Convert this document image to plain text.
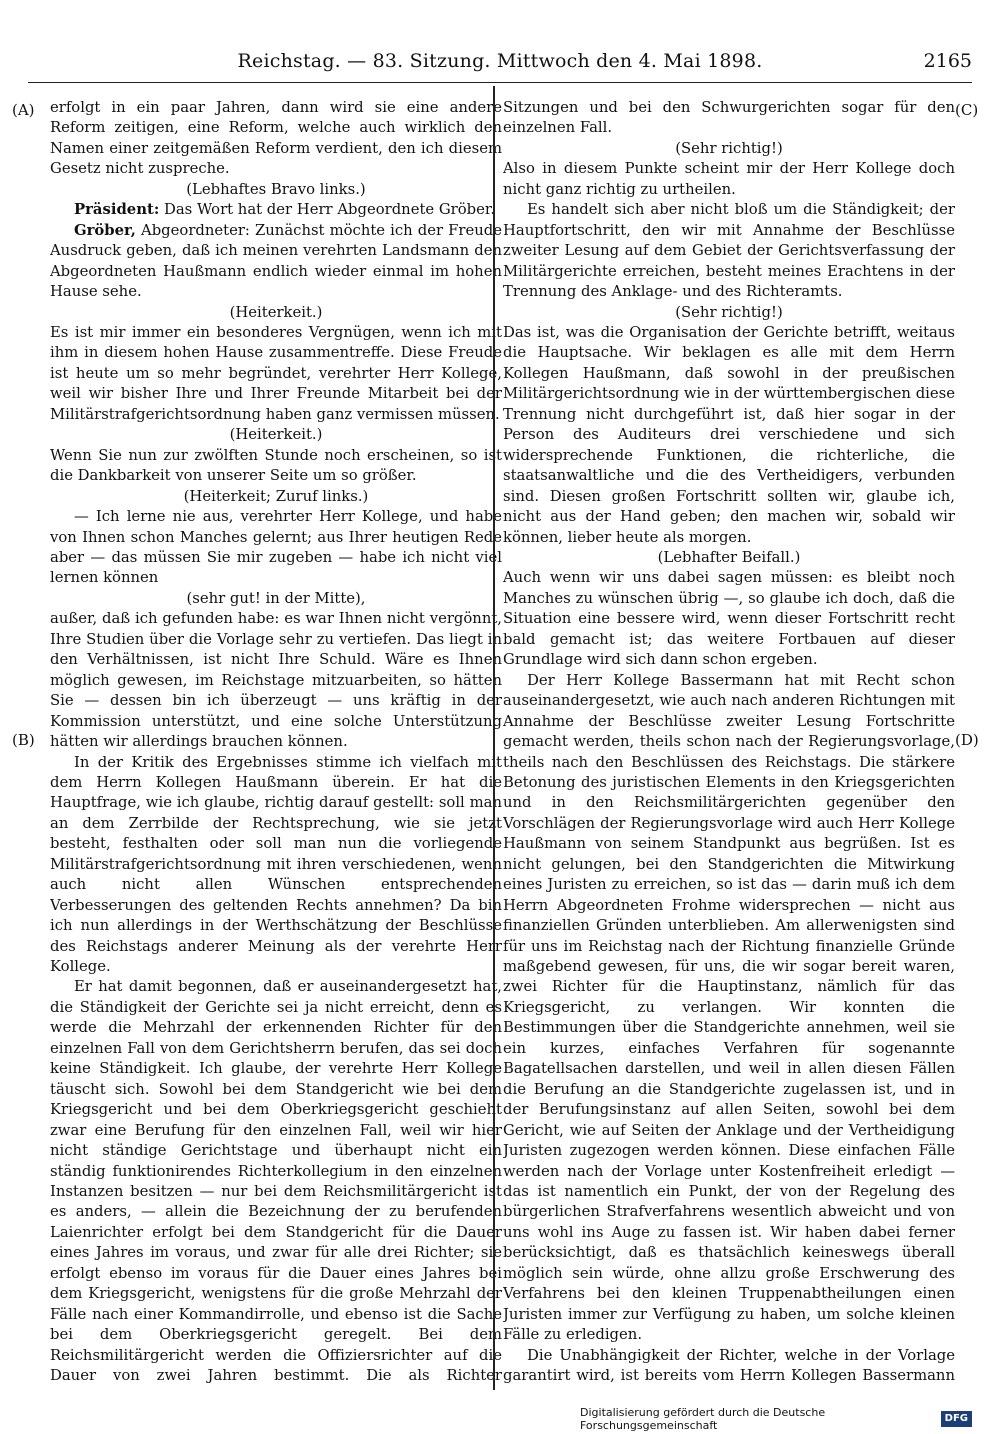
Reichstag. — 83. Sitzung. Mittwoch den 4. Mai 1898.	2165
(A)
(B)
(C)
(D)

erfolgt in ein paar Jahren, dann wird sie eine andere Reform zeitigen, eine Reform, welche auch wirklich den Namen einer zeitgemäßen Reform verdient, den ich diesem Gesetz nicht zuspreche.

(Lebhaftes Bravo links.)

Präsident: Das Wort hat der Herr Abgeordnete Gröber.

Gröber, Abgeordneter: Zunächst möchte ich der Freude Ausdruck geben, daß ich meinen verehrten Landsmann den Abgeordneten Haußmann endlich wieder einmal im hohen Hause sehe.

(Heiterkeit.)

Es ist mir immer ein besonderes Vergnügen, wenn ich mit ihm in diesem hohen Hause zusammentreffe. Diese Freude ist heute um so mehr begründet, verehrter Herr Kollege, weil wir bisher Ihre und Ihrer Freunde Mitarbeit bei der Militärstrafgerichtsordnung haben ganz vermissen müssen.

(Heiterkeit.)

Wenn Sie nun zur zwölften Stunde noch erscheinen, so ist die Dankbarkeit von unserer Seite um so größer.

(Heiterkeit; Zuruf links.)

— Ich lerne nie aus, verehrter Herr Kollege, und habe von Ihnen schon Manches gelernt; aus Ihrer heutigen Rede aber — das müssen Sie mir zugeben — habe ich nicht viel lernen können

(sehr gut! in der Mitte),

außer, daß ich gefunden habe: es war Ihnen nicht vergönnt, Ihre Studien über die Vorlage sehr zu vertiefen. Das liegt in den Verhältnissen, ist nicht Ihre Schuld. Wäre es Ihnen möglich gewesen, im Reichstage mitzuarbeiten, so hätten Sie — dessen bin ich überzeugt — uns kräftig in der Kommission unterstützt, und eine solche Unterstützung hätten wir allerdings brauchen können.

In der Kritik des Ergebnisses stimme ich vielfach mit dem Herrn Kollegen Haußmann überein. Er hat die Hauptfrage, wie ich glaube, richtig darauf gestellt: soll man an dem Zerrbilde der Rechtsprechung, wie sie jetzt besteht, festhalten oder soll man nun die vorliegende Militärstrafgerichtsordnung mit ihren verschiedenen, wenn auch nicht allen Wünschen entsprechenden Verbesserungen des geltenden Rechts annehmen? Da bin ich nun allerdings in der Werthschätzung der Beschlüsse des Reichstags anderer Meinung als der verehrte Herr Kollege.

Er hat damit begonnen, daß er auseinandergesetzt hat, die Ständigkeit der Gerichte sei ja nicht erreicht, denn es werde die Mehrzahl der erkennenden Richter für den einzelnen Fall von dem Gerichtsherrn berufen, das sei doch keine Ständigkeit. Ich glaube, der verehrte Herr Kollege täuscht sich. Sowohl bei dem Standgericht wie bei dem Kriegsgericht und bei dem Oberkriegsgericht geschieht zwar eine Berufung für den einzelnen Fall, weil wir hier nicht ständige Gerichtstage und überhaupt nicht ein ständig funktionirendes Richterkollegium in den einzelnen Instanzen besitzen — nur bei dem Reichsmilitärgericht ist es anders, — allein die Bezeichnung der zu berufenden Laienrichter erfolgt bei dem Standgericht für die Dauer eines Jahres im voraus, und zwar für alle drei Richter; sie erfolgt ebenso im voraus für die Dauer eines Jahres bei dem Kriegsgericht, wenigstens für die große Mehrzahl der Fälle nach einer Kommandirrolle, und ebenso ist die Sache bei dem Oberkriegsgericht geregelt. Bei dem Reichsmilitärgericht werden die Offiziersrichter auf die Dauer von zwei Jahren bestimmt. Die als Richter

Sitzungen und bei den Schwurgerichten sogar für den einzelnen Fall.

(Sehr richtig!)

Also in diesem Punkte scheint mir der Herr Kollege doch nicht ganz richtig zu urtheilen.

Es handelt sich aber nicht bloß um die Ständigkeit; der Hauptfortschritt, den wir mit Annahme der Beschlüsse zweiter Lesung auf dem Gebiet der Gerichtsverfassung der Militärgerichte erreichen, besteht meines Erachtens in der Trennung des Anklage- und des Richteramts.

(Sehr richtig!)

Das ist, was die Organisation der Gerichte betrifft, weitaus die Hauptsache. Wir beklagen es alle mit dem Herrn Kollegen Haußmann, daß sowohl in der preußischen Militärgerichtsordnung wie in der württembergischen diese Trennung nicht durchgeführt ist, daß hier sogar in der Person des Auditeurs drei verschiedene und sich widersprechende Funktionen, die richterliche, die staatsanwaltliche und die des Vertheidigers, verbunden sind. Diesen großen Fortschritt sollten wir, glaube ich, nicht aus der Hand geben; den machen wir, sobald wir können, lieber heute als morgen.

(Lebhafter Beifall.)

Auch wenn wir uns dabei sagen müssen: es bleibt noch Manches zu wünschen übrig —, so glaube ich doch, daß die Situation eine bessere wird, wenn dieser Fortschritt recht bald gemacht ist; das weitere Fortbauen auf dieser Grundlage wird sich dann schon ergeben.

Der Herr Kollege Bassermann hat mit Recht schon auseinandergesetzt, wie auch nach anderen Richtungen mit Annahme der Beschlüsse zweiter Lesung Fortschritte gemacht werden, theils schon nach der Regierungsvorlage, theils nach den Beschlüssen des Reichstags. Die stärkere Betonung des juristischen Elements in den Kriegsgerichten und in den Reichsmilitärgerichten gegenüber den Vorschlägen der Regierungsvorlage wird auch Herr Kollege Haußmann von seinem Standpunkt aus begrüßen. Ist es nicht gelungen, bei den Standgerichten die Mitwirkung eines Juristen zu erreichen, so ist das — darin muß ich dem Herrn Abgeordneten Frohme widersprechen — nicht aus finanziellen Gründen unterblieben. Am allerwenigsten sind für uns im Reichstag nach der Richtung finanzielle Gründe maßgebend gewesen, für uns, die wir sogar bereit waren, zwei Richter für die Hauptinstanz, nämlich für das Kriegsgericht, zu verlangen. Wir konnten die Bestimmungen über die Standgerichte annehmen, weil sie ein kurzes, einfaches Verfahren für sogenannte Bagatellsachen darstellen, und weil in allen diesen Fällen die Berufung an die Standgerichte zugelassen ist, und in der Berufungsinstanz auf allen Seiten, sowohl bei dem Gericht, wie auf Seiten der Anklage und der Vertheidigung Juristen zugezogen werden können. Diese einfachen Fälle werden nach der Vorlage unter Kostenfreiheit erledigt — das ist namentlich ein Punkt, der von der Regelung des bürgerlichen Strafverfahrens wesentlich abweicht und von uns wohl ins Auge zu fassen ist. Wir haben dabei ferner berücksichtigt, daß es thatsächlich keineswegs überall möglich sein würde, ohne allzu große Erschwerung des Verfahrens bei den kleinen Truppenabtheilungen einen Juristen immer zur Verfügung zu haben, um solche kleinen Fälle zu erledigen.

Die Unabhängigkeit der Richter, welche in der Vorlage garantirt wird, ist bereits vom Herrn Kollegen Bassermann

Digitalisierung gefördert durch die Deutsche Forschungsgemeinschaft
DFG
